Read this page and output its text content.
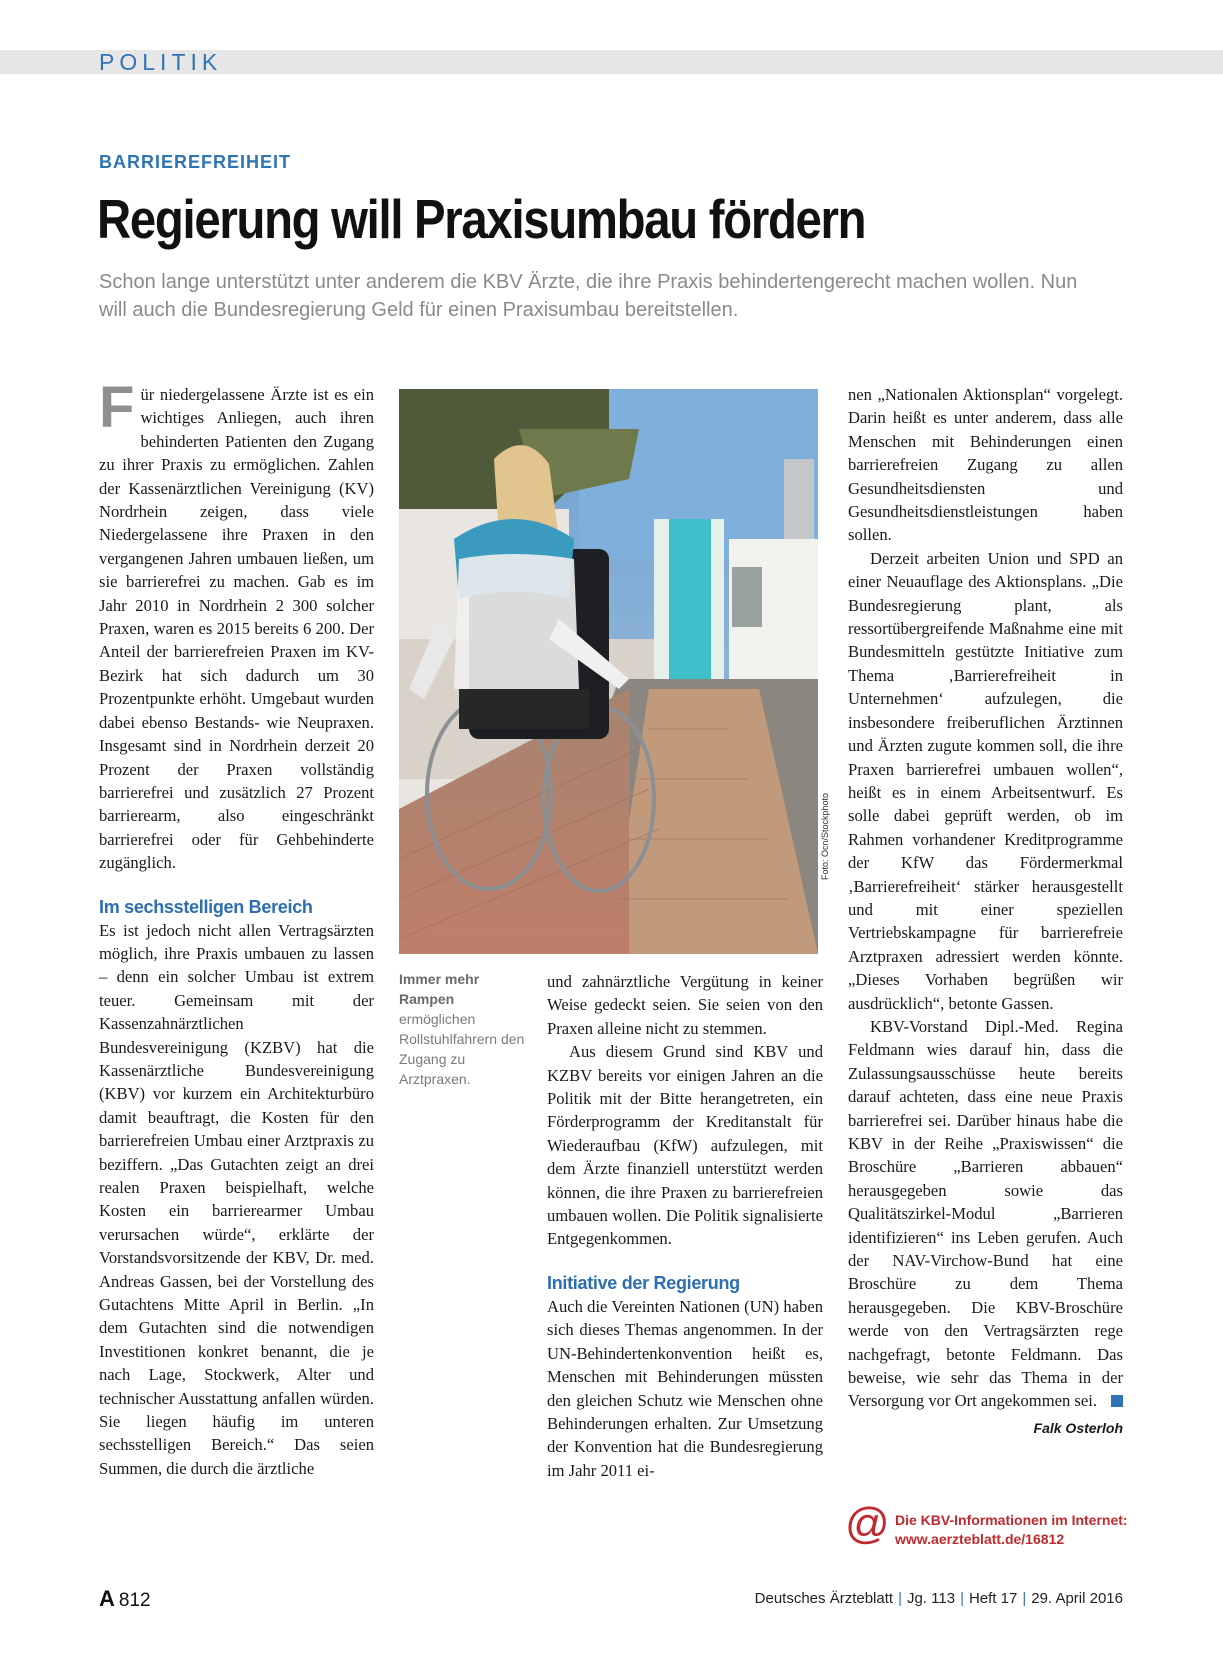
POLITIK
BARRIEREFREIHEIT
Regierung will Praxisumbau fördern
Schon lange unterstützt unter anderem die KBV Ärzte, die ihre Praxis behindertengerecht machen wollen. Nun will auch die Bundesregierung Geld für einen Praxisumbau bereitstellen.

Für niedergelassene Ärzte ist es ein wichtiges Anliegen, auch ihren behinderten Patienten den Zugang zu ihrer Praxis zu ermöglichen. Zahlen der Kassenärztlichen Vereinigung (KV) Nordrhein zeigen, dass viele Niedergelassene ihre Praxen in den vergangenen Jahren umbauen ließen, um sie barrierefrei zu machen. Gab es im Jahr 2010 in Nordrhein 2 300 solcher Praxen, waren es 2015 bereits 6 200. Der Anteil der barrierefreien Praxen im KV-Bezirk hat sich dadurch um 30 Prozentpunkte erhöht. Umgebaut wurden dabei ebenso Bestands- wie Neupraxen. Insgesamt sind in Nordrhein derzeit 20 Prozent der Praxen vollständig barrierefrei und zusätzlich 27 Prozent barrierearm, also eingeschränkt barrierefrei oder für Gehbehinderte zugänglich.

Im sechsstelligen Bereich

Es ist jedoch nicht allen Vertragsärzten möglich, ihre Praxis umbauen zu lassen – denn ein solcher Umbau ist extrem teuer. Gemeinsam mit der Kassenzahnärztlichen Bundesvereinigung (KZBV) hat die Kassenärztliche Bundesvereinigung (KBV) vor kurzem ein Architekturbüro damit beauftragt, die Kosten für den barrierefreien Umbau einer Arztpraxis zu beziffern. „Das Gutachten zeigt an drei realen Praxen beispielhaft, welche Kosten ein barrierearmer Umbau verursachen würde“, erklärte der Vorstandsvorsitzende der KBV, Dr. med. Andreas Gassen, bei der Vorstellung des Gutachtens Mitte April in Berlin. „In dem Gutachten sind die notwendigen Investitionen konkret benannt, die je nach Lage, Stockwerk, Alter und technischer Ausstattung anfallen würden. Sie liegen häufig im unteren sechsstelligen Bereich.“ Das seien Summen, die durch die ärztliche

Foto: Ocn/Stockphoto
Immer mehr Rampen ermöglichen Rollstuhlfahrern den Zugang zu Arztpraxen.

und zahnärztliche Vergütung in keiner Weise gedeckt seien. Sie seien von den Praxen alleine nicht zu stemmen.

Aus diesem Grund sind KBV und KZBV bereits vor einigen Jahren an die Politik mit der Bitte herangetreten, ein Förderprogramm der Kreditanstalt für Wiederaufbau (KfW) aufzulegen, mit dem Ärzte finanziell unterstützt werden können, die ihre Praxen zu barrierefreien umbauen wollen. Die Politik signalisierte Entgegenkommen.

Initiative der Regierung

Auch die Vereinten Nationen (UN) haben sich dieses Themas angenommen. In der UN-Behindertenkonvention heißt es, Menschen mit Behinderungen müssten den gleichen Schutz wie Menschen ohne Behinderungen erhalten. Zur Umsetzung der Konvention hat die Bundesregierung im Jahr 2011 ei-

nen „Nationalen Aktionsplan“ vorgelegt. Darin heißt es unter anderem, dass alle Menschen mit Behinderungen einen barrierefreien Zugang zu allen Gesundheitsdiensten und Gesundheitsdienstleistungen haben sollen.

Derzeit arbeiten Union und SPD an einer Neuauflage des Aktionsplans. „Die Bundesregierung plant, als ressortübergreifende Maßnahme eine mit Bundesmitteln gestützte Initiative zum Thema ‚Barrierefreiheit in Unternehmen‘ aufzulegen, die insbesondere freiberuflichen Ärztinnen und Ärzten zugute kommen soll, die ihre Praxen barrierefrei umbauen wollen“, heißt es in einem Arbeitsentwurf. Es solle dabei geprüft werden, ob im Rahmen vorhandener Kreditprogramme der KfW das Fördermerkmal ‚Barrierefreiheit‘ stärker herausgestellt und mit einer speziellen Vertriebskampagne für barrierefreie Arztpraxen adressiert werden könnte. „Dieses Vorhaben begrüßen wir ausdrücklich“, betonte Gassen.

KBV-Vorstand Dipl.-Med. Regina Feldmann wies darauf hin, dass die Zulassungsausschüsse heute bereits darauf achteten, dass eine neue Praxis barrierefrei sei. Darüber hinaus habe die KBV in der Reihe „Praxiswissen“ die Broschüre „Barrieren abbauen“ herausgegeben sowie das Qualitätszirkel-Modul „Barrieren identifizieren“ ins Leben gerufen. Auch der NAV-Virchow-Bund hat eine Broschüre zu dem Thema herausgegeben. Die KBV-Broschüre werde von den Vertragsärzten rege nachgefragt, betonte Feldmann. Das beweise, wie sehr das Thema in der Versorgung vor Ort angekommen sei.

Falk Osterloh
@ Die KBV-Informationen im Internet:
www.aerzteblatt.de/16812
A 812	Deutsches Ärzteblatt | Jg. 113 | Heft 17 | 29. April 2016
